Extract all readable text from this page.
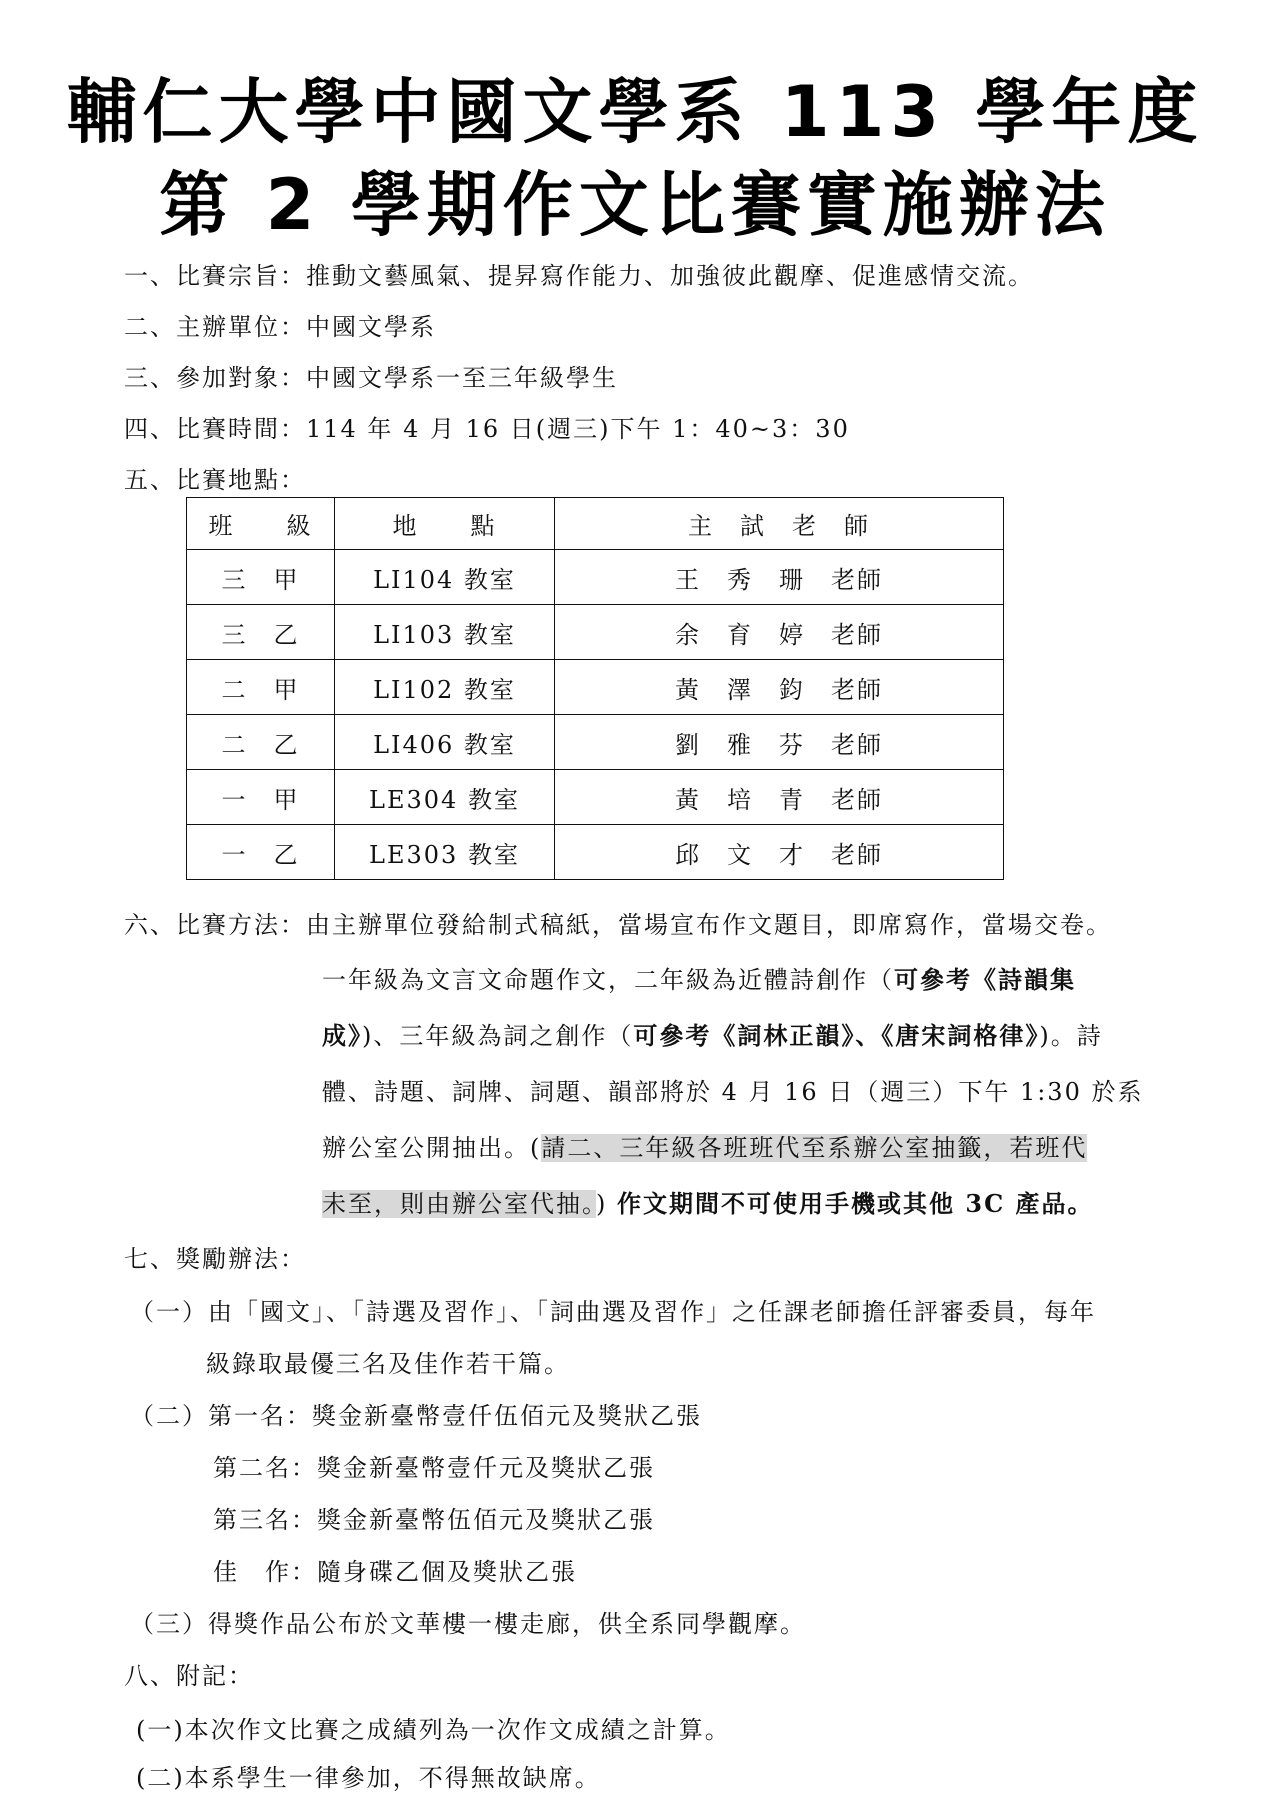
輔仁大學中國文學系 113 學年度
第 2 學期作文比賽實施辦法
一、比賽宗旨：推動文藝風氣、提昇寫作能力、加強彼此觀摩、促進感情交流。
二、主辦單位：中國文學系
三、參加對象：中國文學系一至三年級學生
四、比賽時間：114 年 4 月 16 日(週三)下午 1：40~3：30
五、比賽地點：
班　　級	地　　點	主　試　老　師
三　甲	LI104 教室	王　秀　珊　老師
三　乙	LI103 教室	余　育　婷　老師
二　甲	LI102 教室	黃　澤　鈞　老師
二　乙	LI406 教室	劉　雅　芬　老師
一　甲	LE304 教室	黃　培　青　老師
一　乙	LE303 教室	邱　文　才　老師
六、比賽方法：由主辦單位發給制式稿紙，當場宣布作文題目，即席寫作，當場交卷。
一年級為文言文命題作文，二年級為近體詩創作（可參考《詩韻集
成》)、三年級為詞之創作（可參考《詞林正韻》、《唐宋詞格律》)。詩
體、詩題、詞牌、詞題、韻部將於 4 月 16 日（週三）下午 1:30 於系
辦公室公開抽出。(請二、三年級各班班代至系辦公室抽籤，若班代
未至，則由辦公室代抽。) 作文期間不可使用手機或其他 3C 產品。
七、獎勵辦法：
（一）由「國文」、「詩選及習作」、「詞曲選及習作」之任課老師擔任評審委員，每年
級錄取最優三名及佳作若干篇。
（二）第一名：獎金新臺幣壹仟伍佰元及獎狀乙張
第二名：獎金新臺幣壹仟元及獎狀乙張
第三名：獎金新臺幣伍佰元及獎狀乙張
佳　作：隨身碟乙個及獎狀乙張
（三）得獎作品公布於文華樓一樓走廊，供全系同學觀摩。
八、附記：
(一)本次作文比賽之成績列為一次作文成績之計算。
(二)本系學生一律參加，不得無故缺席。
